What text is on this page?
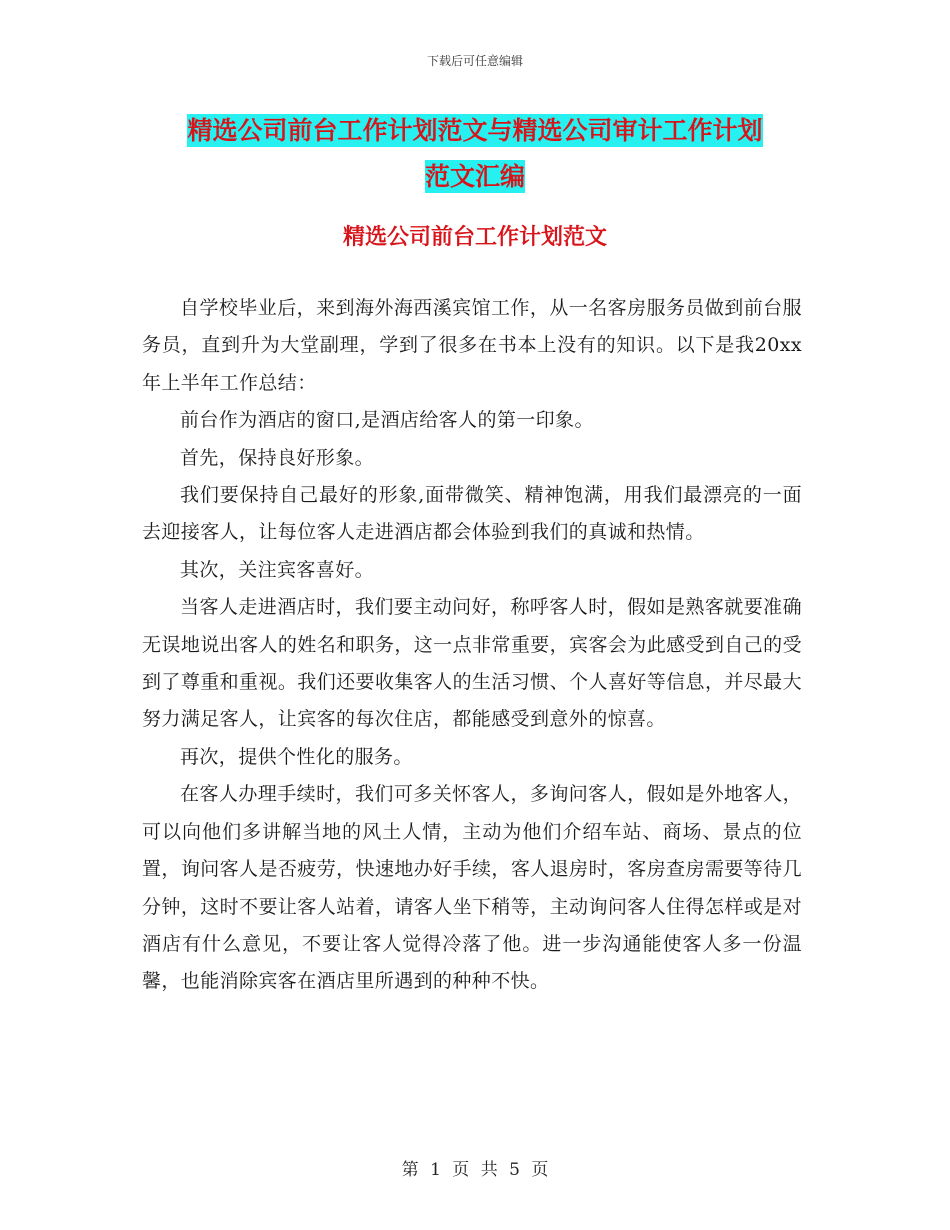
下载后可任意编辑
精选公司前台工作计划范文与精选公司审计工作计划
范文汇编
精选公司前台工作计划范文

自学校毕业后，来到海外海西溪宾馆工作，从一名客房服务员做到前台服务员，直到升为大堂副理，学到了很多在书本上没有的知识。以下是我20xx年上半年工作总结：

前台作为酒店的窗口,是酒店给客人的第一印象。

首先，保持良好形象。

我们要保持自己最好的形象,面带微笑、精神饱满，用我们最漂亮的一面去迎接客人，让每位客人走进酒店都会体验到我们的真诚和热情。

其次，关注宾客喜好。

当客人走进酒店时，我们要主动问好，称呼客人时，假如是熟客就要准确无误地说出客人的姓名和职务，这一点非常重要，宾客会为此感受到自己的受到了尊重和重视。我们还要收集客人的生活习惯、个人喜好等信息，并尽最大努力满足客人，让宾客的每次住店，都能感受到意外的惊喜。

再次，提供个性化的服务。

在客人办理手续时，我们可多关怀客人，多询问客人，假如是外地客人，可以向他们多讲解当地的风土人情，主动为他们介绍车站、商场、景点的位置，询问客人是否疲劳，快速地办好手续，客人退房时，客房查房需要等待几分钟，这时不要让客人站着，请客人坐下稍等，主动询问客人住得怎样或是对酒店有什么意见，不要让客人觉得冷落了他。进一步沟通能使客人多一份温馨，也能消除宾客在酒店里所遇到的种种不快。

第 1 页 共 5 页
